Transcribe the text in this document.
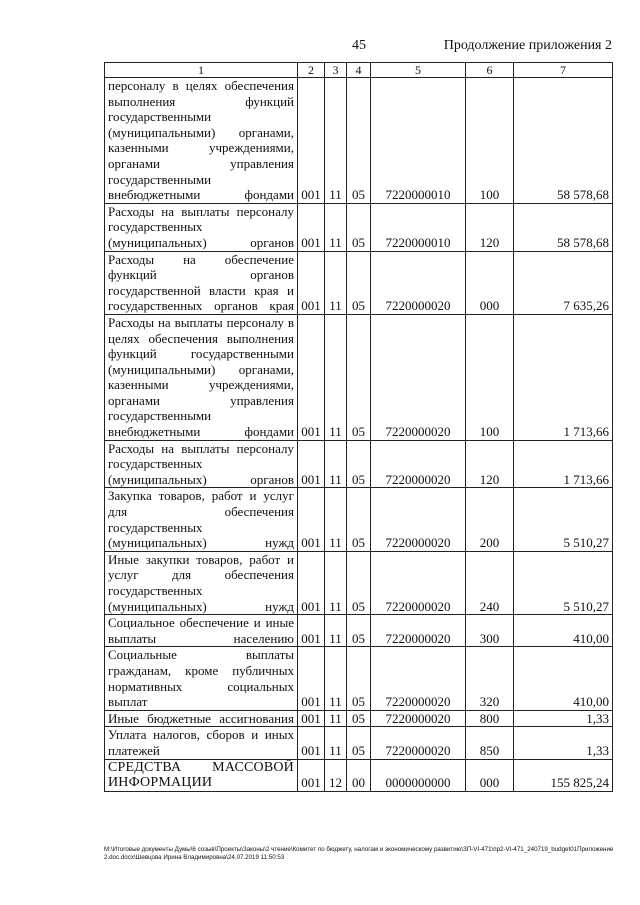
45	Продолжение приложения 2
1	2	3	4	5	6	7
персоналу в целях обеспечения выполнения функций государственными (муниципальными) органами, казенными учреждениями, органами управления государственными внебюджетными фондами	001	11	05	7220000010	100	58 578,68
Расходы на выплаты персоналу государственных (муниципальных) органов	001	11	05	7220000010	120	58 578,68
Расходы на обеспечение функций органов государственной власти края и государственных органов края	001	11	05	7220000020	000	7 635,26
Расходы на выплаты персоналу в целях обеспечения выполнения функций государственными (муниципальными) органами, казенными учреждениями, органами управления государственными внебюджетными фондами	001	11	05	7220000020	100	1 713,66
Расходы на выплаты персоналу государственных (муниципальных) органов	001	11	05	7220000020	120	1 713,66
Закупка товаров, работ и услуг для обеспечения государственных (муниципальных) нужд	001	11	05	7220000020	200	5 510,27
Иные закупки товаров, работ и услуг для обеспечения государственных (муниципальных) нужд	001	11	05	7220000020	240	5 510,27
Социальное обеспечение и иные выплаты населению	001	11	05	7220000020	300	410,00
Социальные выплаты гражданам, кроме публичных нормативных социальных выплат	001	11	05	7220000020	320	410,00
Иные бюджетные ассигнования	001	11	05	7220000020	800	1,33
Уплата налогов, сборов и иных платежей	001	11	05	7220000020	850	1,33
СРЕДСТВА МАССОВОЙ ИНФОРМАЦИИ	001	12	00	0000000000	000	155 825,24
M:\Итоговые документы Думы\6 созыв\Проекты\Законы\2 чтение\Комитет по бюджету, налогам и экономическому развитию\ЗП-VI-471\пр2-VI-471_240719_budget01Приложение 2.doc.docx\Шевцова Ирина Владимировна\24.07.2019 11:50:53
